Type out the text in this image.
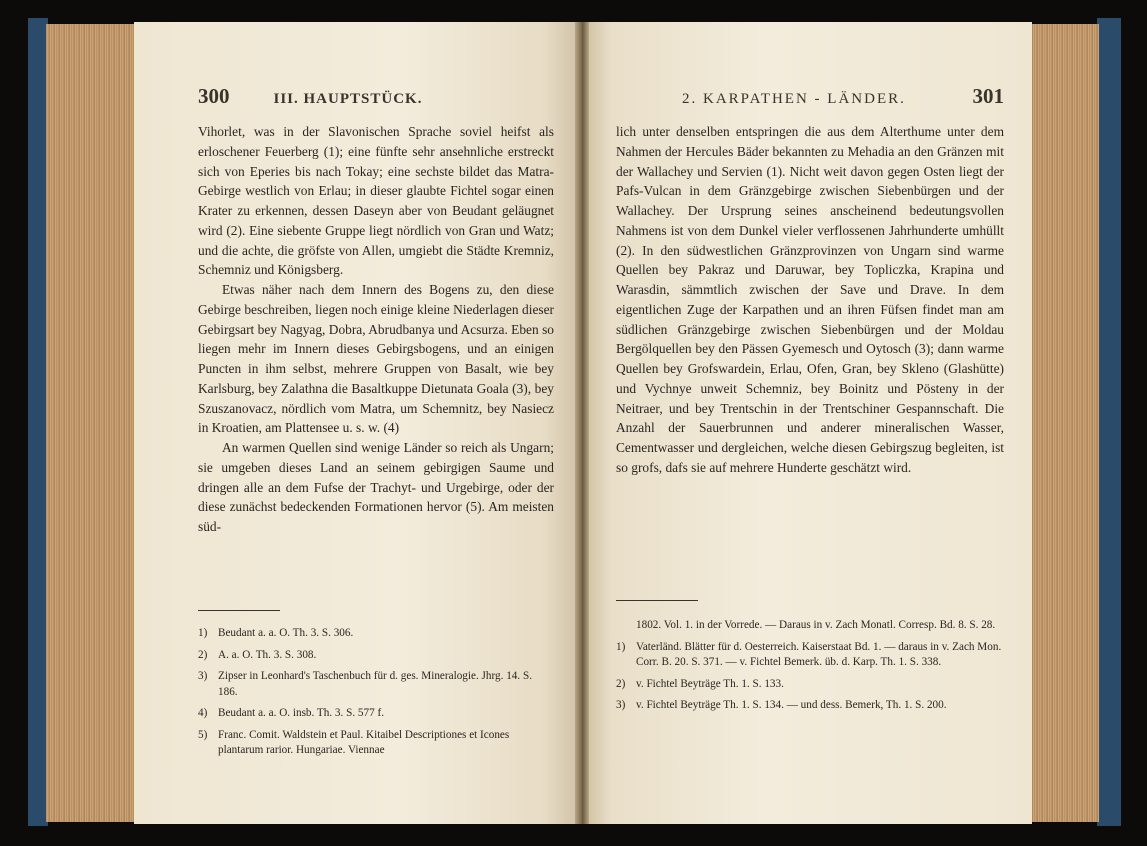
300	III. HAUPTSTÜCK.

Vihorlet, was in der Slavonischen Sprache soviel heifst als erloschener Feuerberg (1); eine fünfte sehr ansehnliche erstreckt sich von Eperies bis nach Tokay; eine sechste bildet das Matra-Gebirge westlich von Erlau; in dieser glaubte Fichtel sogar einen Krater zu erkennen, dessen Daseyn aber von Beudant geläugnet wird (2). Eine siebente Gruppe liegt nördlich von Gran und Watz; und die achte, die gröfste von Allen, umgiebt die Städte Kremniz, Schemniz und Königsberg.

Etwas näher nach dem Innern des Bogens zu, den diese Gebirge beschreiben, liegen noch einige kleine Niederlagen dieser Gebirgsart bey Nagyag, Dobra, Abrudbanya und Acsurza. Eben so liegen mehr im Innern dieses Gebirgsbogens, und an einigen Puncten in ihm selbst, mehrere Gruppen von Basalt, wie bey Karlsburg, bey Zalathna die Basaltkuppe Dietunata Goala (3), bey Szuszanovacz, nördlich vom Matra, um Schemnitz, bey Nasiecz in Kroatien, am Plattensee u. s. w. (4)

An warmen Quellen sind wenige Länder so reich als Ungarn; sie umgeben dieses Land an seinem gebirgigen Saume und dringen alle an dem Fufse der Trachyt- und Urgebirge, oder der diese zunächst bedeckenden Formationen hervor (5). Am meisten süd-

1) Beudant a. a. O. Th. 3. S. 306.
2) A. a. O. Th. 3. S. 308.
3) Zipser in Leonhard's Taschenbuch für d. ges. Mineralogie. Jhrg. 14. S. 186.
4) Beudant a. a. O. insb. Th. 3. S. 577 f.
5) Franc. Comit. Waldstein et Paul. Kitaibel Descriptiones et Icones plantarum rarior. Hungariae. Viennae
2. KARPATHEN - LÄNDER.	301

lich unter denselben entspringen die aus dem Alterthume unter dem Nahmen der Hercules Bäder bekannten zu Mehadia an den Gränzen mit der Wallachey und Servien (1). Nicht weit davon gegen Osten liegt der Pafs-Vulcan in dem Gränzgebirge zwischen Siebenbürgen und der Wallachey. Der Ursprung seines anscheinend bedeutungsvollen Nahmens ist von dem Dunkel vieler verflossenen Jahrhunderte umhüllt (2). In den südwestlichen Gränzprovinzen von Ungarn sind warme Quellen bey Pakraz und Daruwar, bey Topliczka, Krapina und Warasdin, sämmtlich zwischen der Save und Drave. In dem eigentlichen Zuge der Karpathen und an ihren Füfsen findet man am südlichen Gränzgebirge zwischen Siebenbürgen und der Moldau Bergölquellen bey den Pässen Gyemesch und Oytosch (3); dann warme Quellen bey Grofswardein, Erlau, Ofen, Gran, bey Skleno (Glashütte) und Vychnye unweit Schemniz, bey Boinitz und Pösteny in der Neitraer, und bey Trentschin in der Trentschiner Gespannschaft. Die Anzahl der Sauerbrunnen und anderer mineralischen Wasser, Cementwasser und dergleichen, welche diesen Gebirgszug begleiten, ist so grofs, dafs sie auf mehrere Hunderte geschätzt wird.

1802. Vol. 1. in der Vorrede. — Daraus in v. Zach Monatl. Corresp. Bd. 8. S. 28.
1) Vaterländ. Blätter für d. Oesterreich. Kaiserstaat Bd. 1. — daraus in v. Zach Mon. Corr. B. 20. S. 371. — v. Fichtel Bemerk. üb. d. Karp. Th. 1. S. 338.
2) v. Fichtel Beyträge Th. 1. S. 133.
3) v. Fichtel Beyträge Th. 1. S. 134. — und dess. Bemerk, Th. 1. S. 200.
